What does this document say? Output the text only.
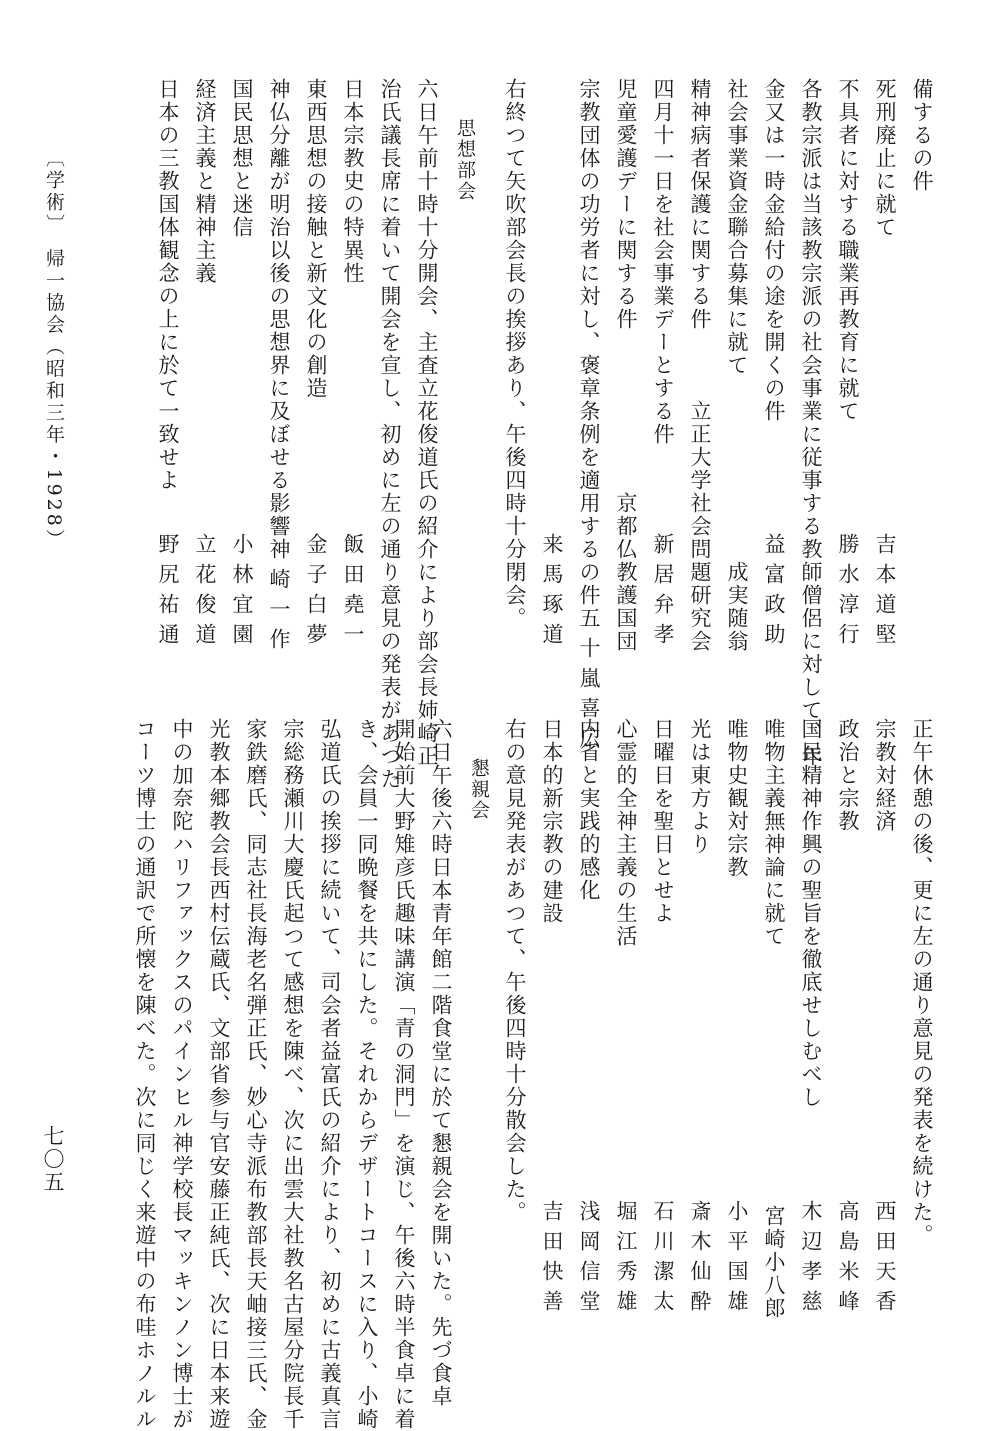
備するの件
死刑廃止に就て
吉本道堅
不具者に対する職業再教育に就て
勝水淳行
各教宗派は当該教宗派の社会事業に従事する教師僧侶に対して、年
金又は一時金給付の途を開くの件
益富政助
社会事業資金聯合募集に就て
成実随翁
精神病者保護に関する件
立正大学社会問題研究会
四月十一日を社会事業デーとする件
新居弁孝
児童愛護デーに関する件
京都仏教護国団
宗教団体の功労者に対し、褒章条例を適用するの件
五十嵐喜広
来馬琢道
右終つて矢吹部会長の挨拶あり、午後四時十分閉会。
思想部会
六日午前十時十分開会、主査立花俊道氏の紹介により部会長姉崎正
治氏議長席に着いて開会を宣し、初めに左の通り意見の発表があつた
日本宗教史の特異性
飯田堯一
東西思想の接触と新文化の創造
金子白夢
神仏分離が明治以後の思想界に及ぼせる影響
神崎一作
国民思想と迷信
小林宜園
経済主義と精神主義
立花俊道
日本の三教国体観念の上に於て一致せよ
野尻祐通
正午休憩の後、更に左の通り意見の発表を続けた。
宗教対経済
西田天香
政治と宗教
高島米峰
国民精神作興の聖旨を徹底せしむべし
木辺孝慈
唯物主義無神論に就て
宮崎小八郎
唯物史観対宗教
小平国雄
光は東方より
斎木仙酔
日曜日を聖日とせよ
石川潔太
心霊的全神主義の生活
堀江秀雄
内省と実践的感化
浅岡信堂
日本的新宗教の建設
吉田快善
右の意見発表があつて、午後四時十分散会した。
懇親会
六日午後六時日本青年館二階食堂に於て懇親会を開いた。先づ食卓
開始前大野雉彦氏趣味講演「青の洞門」を演じ、午後六時半食卓に着
き、会員一同晩餐を共にした。それからデザートコースに入り、小崎
弘道氏の挨拶に続いて、司会者益富氏の紹介により、初めに古義真言
宗総務瀬川大慶氏起つて感想を陳べ、次に出雲大社教名古屋分院長千
家鉄磨氏、同志社長海老名弾正氏、妙心寺派布教部長天岫接三氏、金
光教本郷教会長西村伝蔵氏、文部省参与官安藤正純氏、次に日本来遊
中の加奈陀ハリファックスのパインヒル神学校長マッキンノン博士が
コーツ博士の通訳で所懐を陳べた。次に同じく来遊中の布哇ホノルル
〔学術〕　帰一協会（昭和三年・1928）
七〇五
